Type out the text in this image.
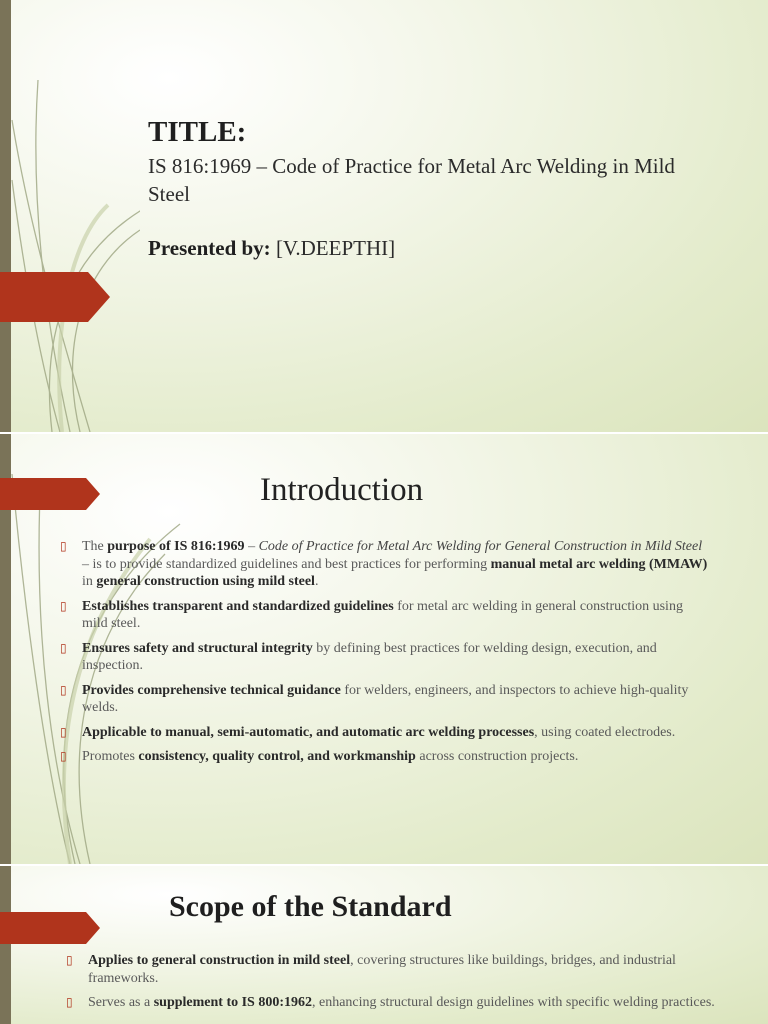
TITLE:
IS 816:1969 – Code of Practice for Metal Arc Welding in Mild Steel
Presented by: [V.DEEPTHI]
Introduction
▯ The purpose of IS 816:1969 – Code of Practice for Metal Arc Welding for General Construction in Mild Steel – is to provide standardized guidelines and best practices for performing manual metal arc welding (MMAW) in general construction using mild steel.
▯ Establishes transparent and standardized guidelines for metal arc welding in general construction using mild steel.
▯ Ensures safety and structural integrity by defining best practices for welding design, execution, and inspection.
▯ Provides comprehensive technical guidance for welders, engineers, and inspectors to achieve high-quality welds.
▯ Applicable to manual, semi-automatic, and automatic arc welding processes, using coated electrodes.
▯ Promotes consistency, quality control, and workmanship across construction projects.
Scope of the Standard
▯ Applies to general construction in mild steel, covering structures like buildings, bridges, and industrial frameworks.
▯ Serves as a supplement to IS 800:1962, enhancing structural design guidelines with specific welding practices.
